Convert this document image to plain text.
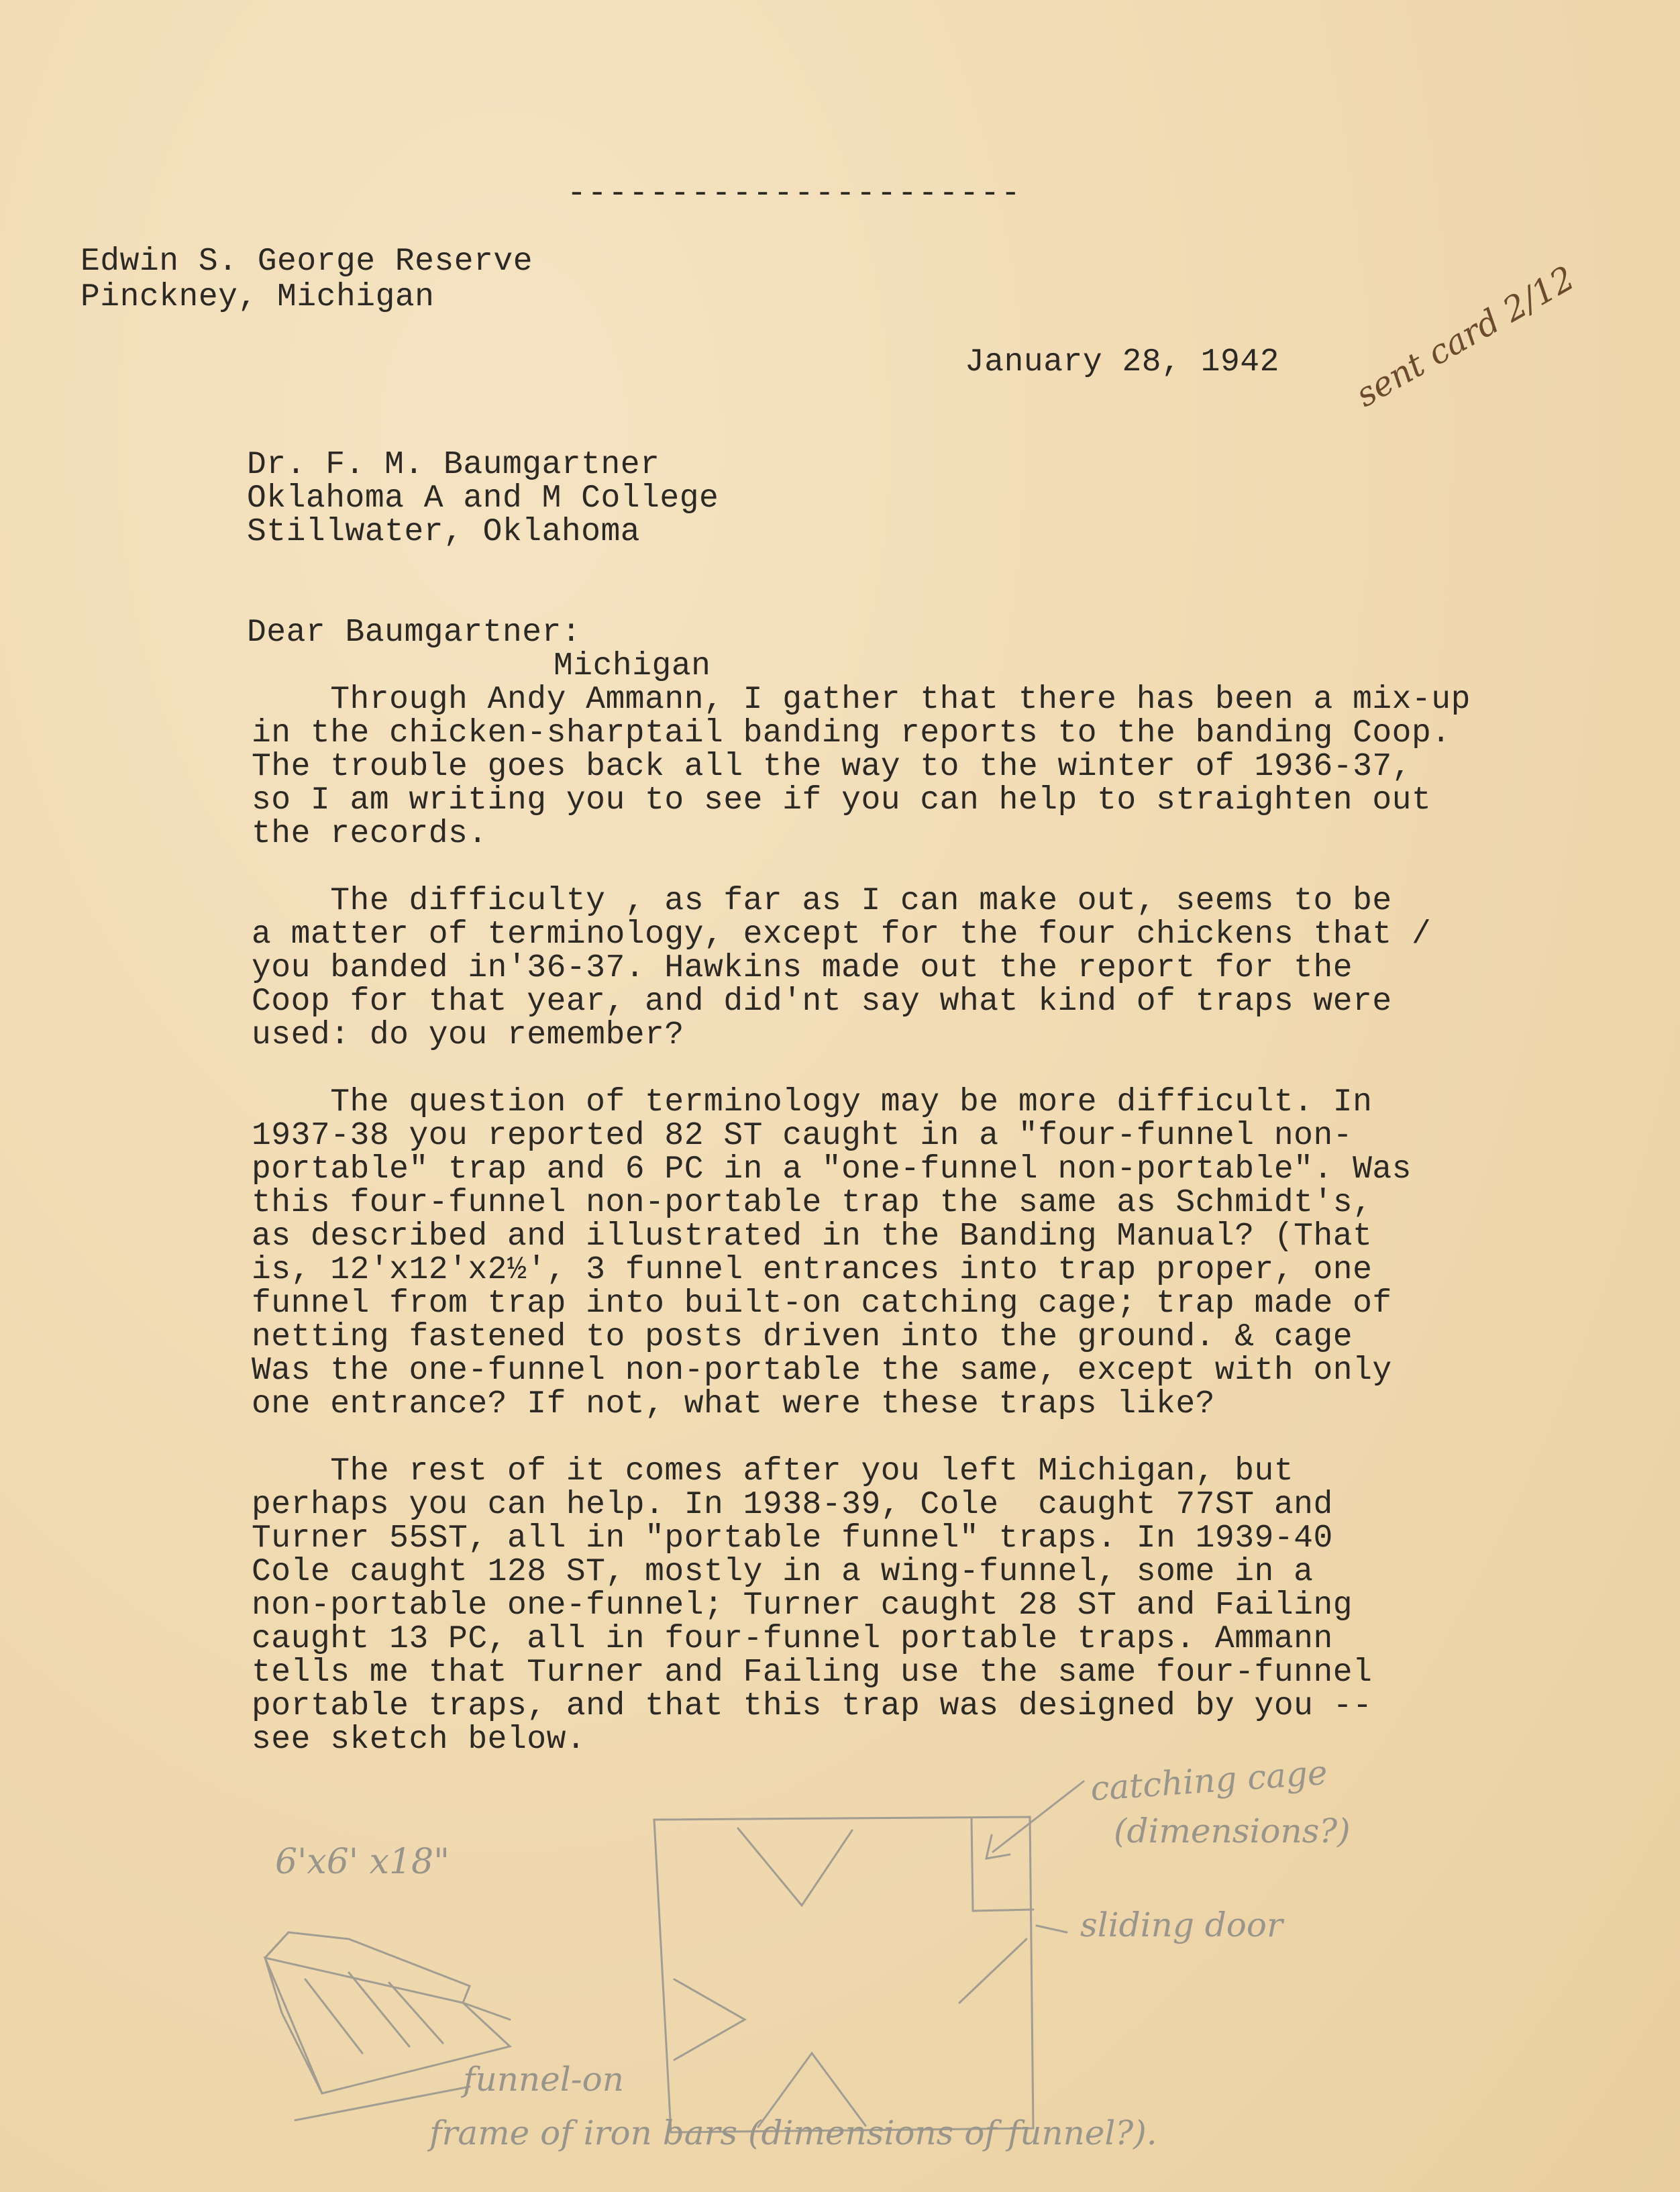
----------------------
Edwin S. George Reserve
Pinckney, Michigan
January 28, 1942 sent card 2/12
Dr. F. M. Baumgartner
Oklahoma A and M College
Stillwater, Oklahoma
Dear Baumgartner:
Michigan
Through Andy Ammann, I gather that there has been a mix-up
in the chicken-sharptail banding reports to the banding Coop.
The trouble goes back all the way to the winter of 1936-37,
so I am writing you to see if you can help to straighten out
the records.
The difficulty , as far as I can make out, seems to be
a matter of terminology, except for the four chickens that /
you banded in'36-37. Hawkins made out the report for the
Coop for that year, and did'nt say what kind of traps were
used: do you remember?
The question of terminology may be more difficult. In
1937-38 you reported 82 ST caught in a "four-funnel non-
portable" trap and 6 PC in a "one-funnel non-portable". Was
this four-funnel non-portable trap the same as Schmidt's,
as described and illustrated in the Banding Manual? (That
is, 12'x12'x2½', 3 funnel entrances into trap proper, one
funnel from trap into built-on catching cage; trap made of
netting fastened to posts driven into the ground. & cage
Was the one-funnel non-portable the same, except with only
one entrance? If not, what were these traps like?
The rest of it comes after you left Michigan, but
perhaps you can help. In 1938-39, Cole  caught 77ST and
Turner 55ST, all in "portable funnel" traps. In 1939-40
Cole caught 128 ST, mostly in a wing-funnel, some in a
non-portable one-funnel; Turner caught 28 ST and Failing
caught 13 PC, all in four-funnel portable traps. Ammann
tells me that Turner and Failing use the same four-funnel
portable traps, and that this trap was designed by you --
see sketch below.
6'x6' x18"
catching cage
(dimensions?)
sliding door
funnel-on
frame of iron bars (dimensions of funnel?).
